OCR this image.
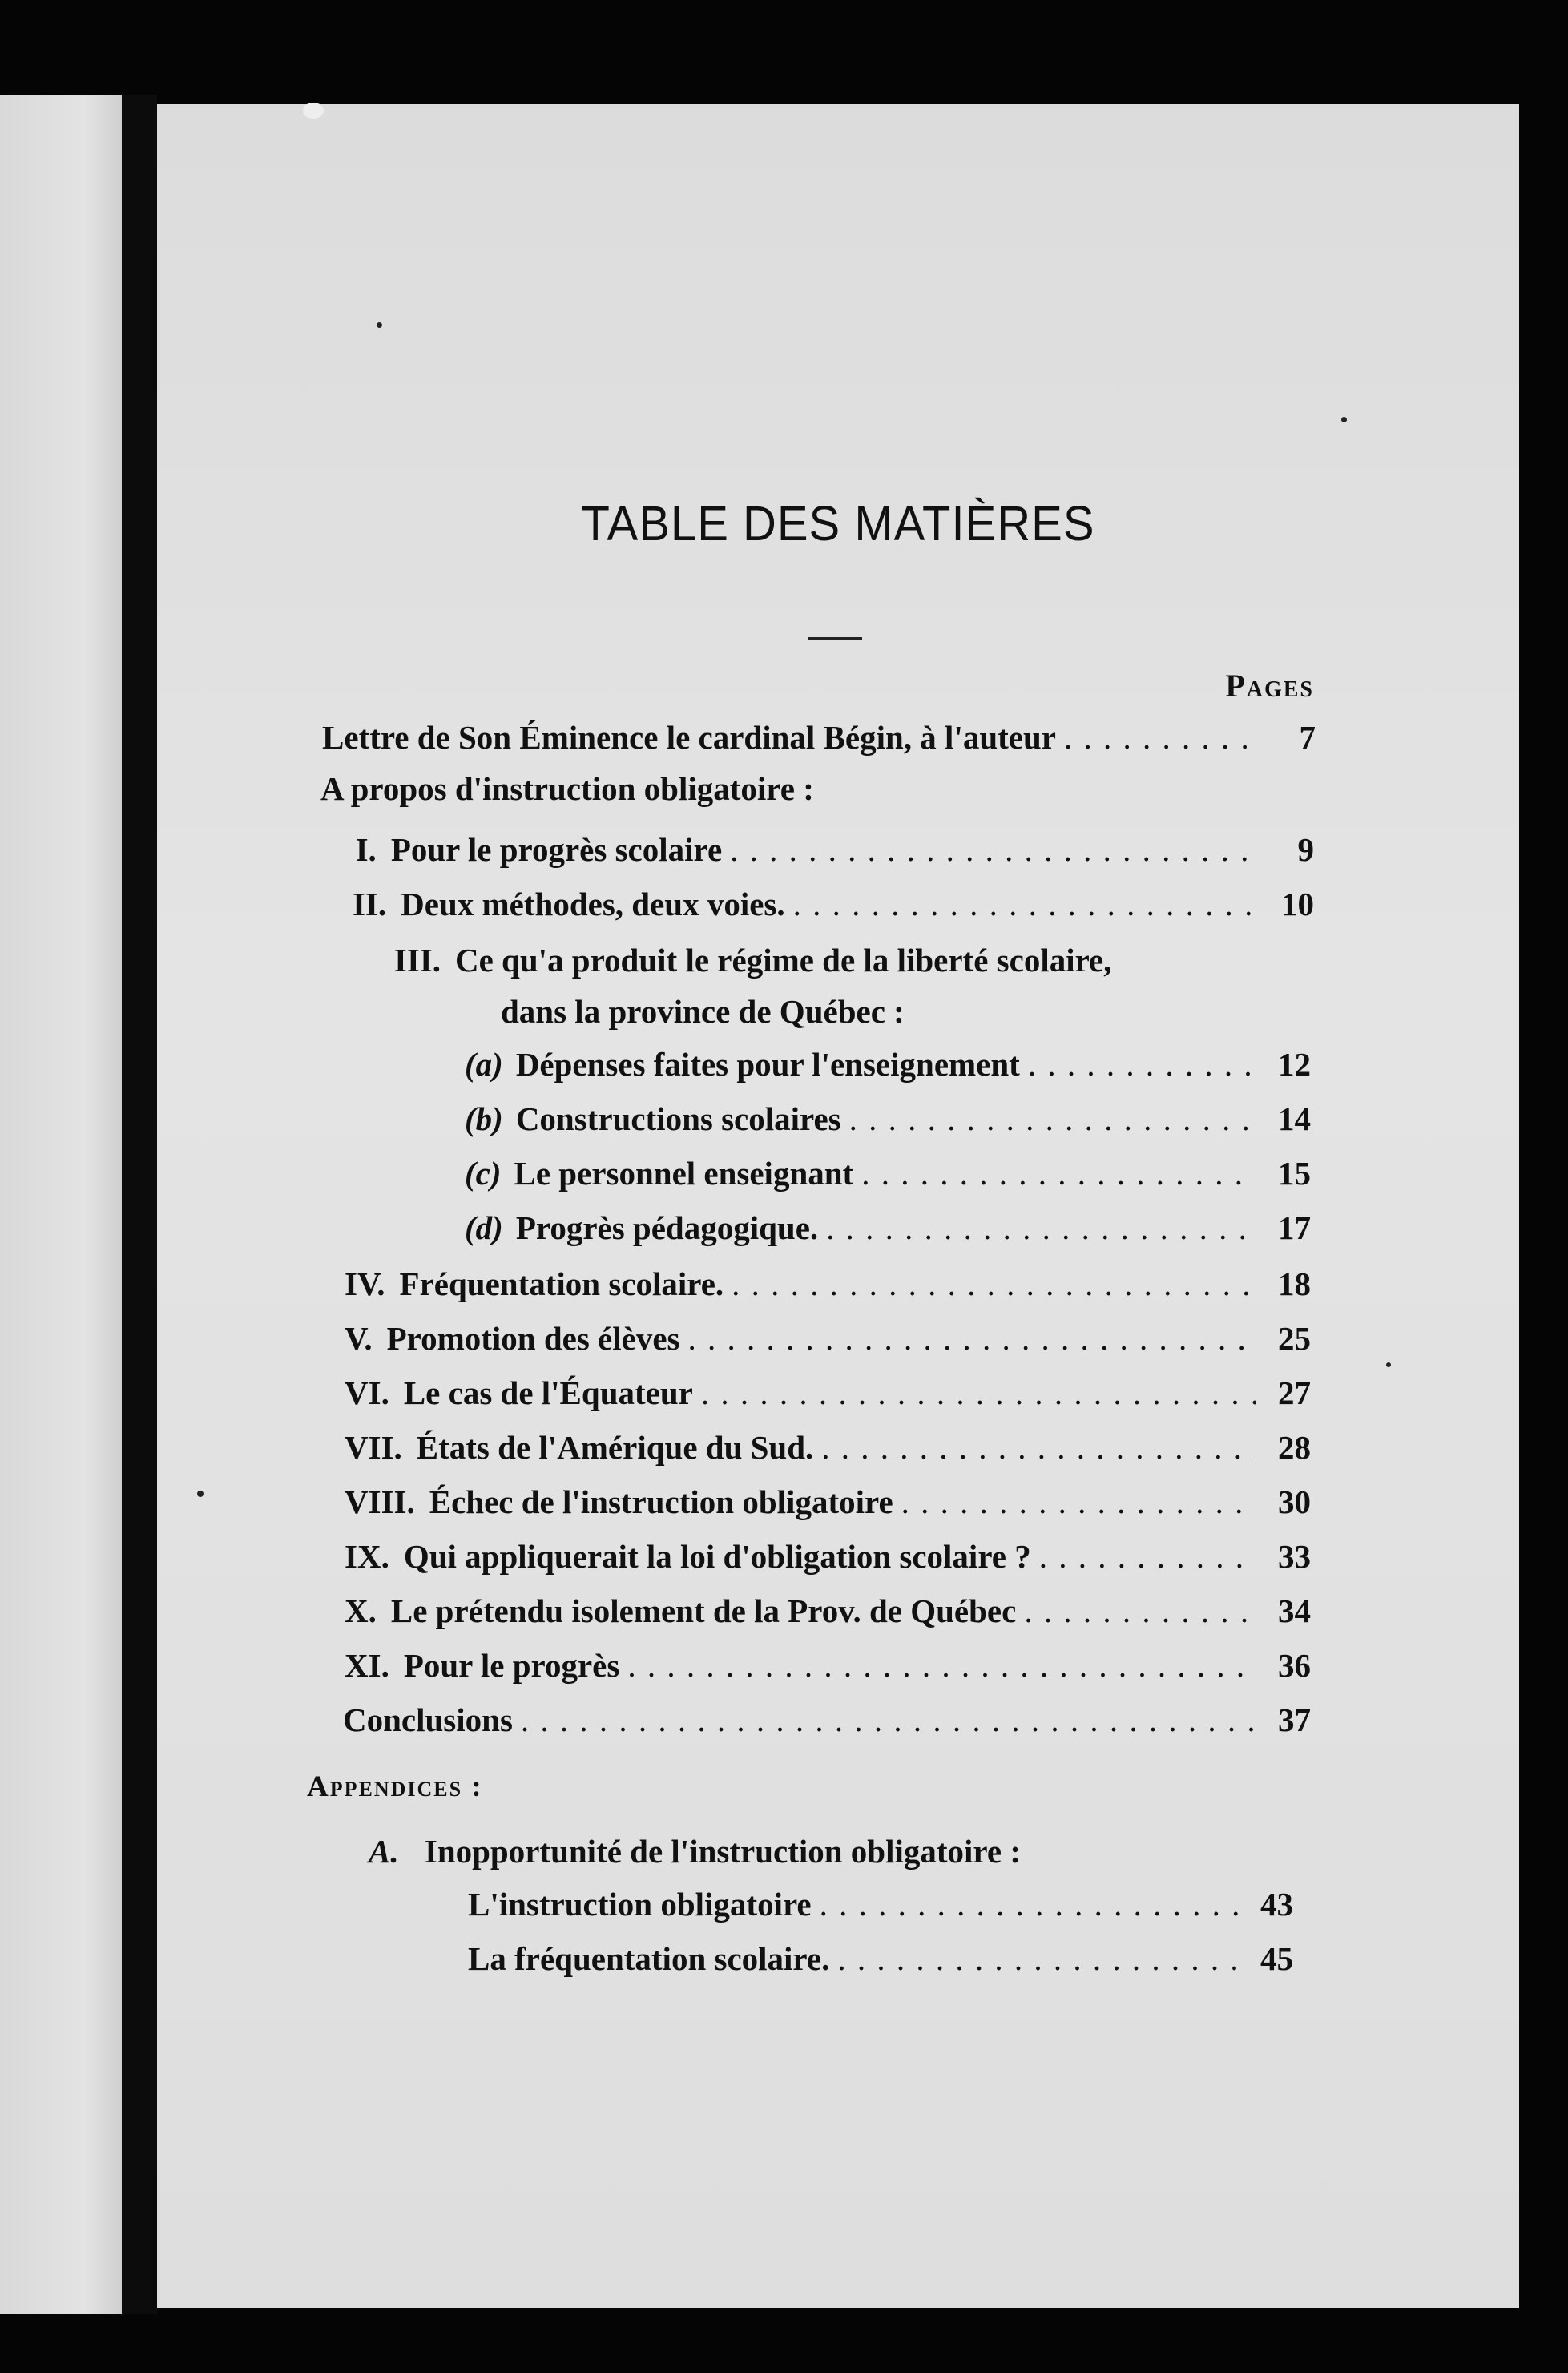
TABLE DES MATIÈRES
Pages
Lettre de Son Éminence le cardinal Bégin, à l'auteur . . .	7
A propos d'instruction obligatoire :
I. Pour le progrès scolaire . . .	9
II. Deux méthodes, deux voies. . . .	10
III. Ce qu'a produit le régime de la liberté scolaire,
dans la province de Québec :
(a) Dépenses faites pour l'enseignement . . .	12
(b) Constructions scolaires . . .	14
(c) Le personnel enseignant . . .	15
(d) Progrès pédagogique. . . .	17
IV. Fréquentation scolaire. . . .	18
V. Promotion des élèves . . .	25
VI. Le cas de l'Équateur . . .	27
VII. États de l'Amérique du Sud. . . .	28
VIII. Échec de l'instruction obligatoire . . .	30
IX. Qui appliquerait la loi d'obligation scolaire ? . . .	33
X. Le prétendu isolement de la Prov. de Québec . . .	34
XI. Pour le progrès . . .	36
Conclusions . . .	37
Appendices :
A. Inopportunité de l'instruction obligatoire :
L'instruction obligatoire . . .	43
La fréquentation scolaire. . . .	45
